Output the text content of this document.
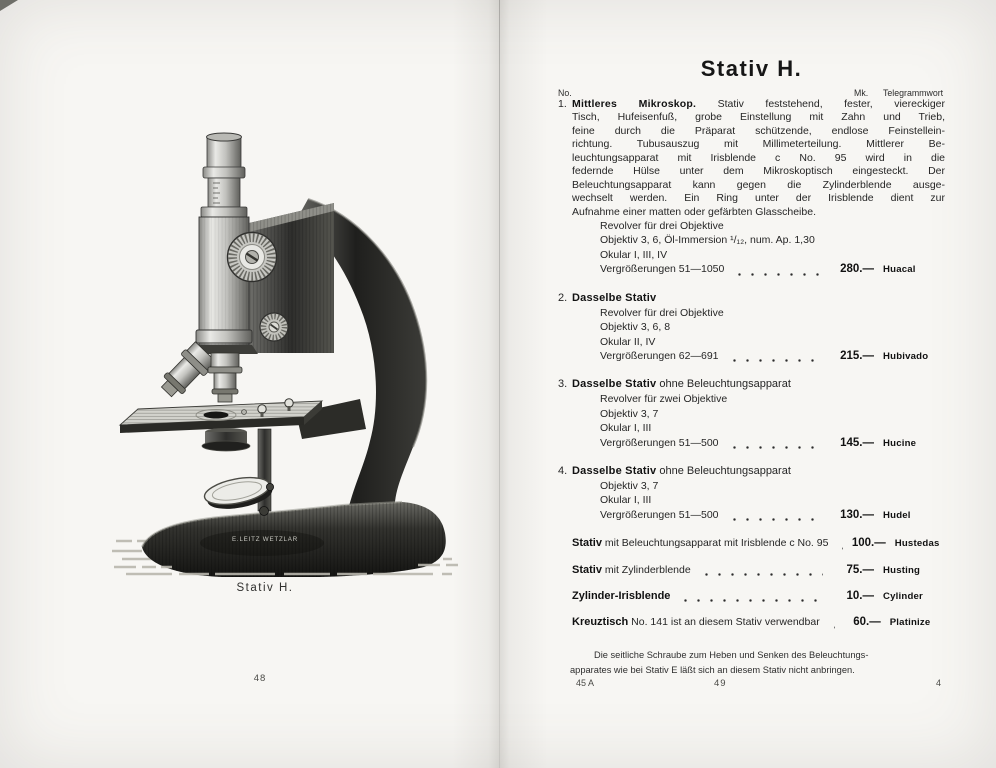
E.LEITZ WETZLAR
Stativ H.
48
Stativ H.
No.	Mk. Telegrammwort
1. Mittleres Mikroskop. Stativ feststehend, fester, viereckiger
Tisch, Hufeisenfuß, grobe Einstellung mit Zahn und Trieb,
feine durch die Präparat schützende, endlose Feinstellein-
richtung. Tubusauszug mit Millimeterteilung. Mittlerer Be-
leuchtungsapparat mit Irisblende c No. 95 wird in die
federnde Hülse unter dem Mikroskoptisch eingesteckt. Der
Beleuchtungsapparat kann gegen die Zylinderblende ausge-
wechselt werden. Ein Ring unter der Irisblende dient zur
Aufnahme einer matten oder gefärbten Glasscheibe.
Revolver für drei Objektive
Objektiv 3, 6, Öl-Immersion ¹/₁₂, num. Ap. 1,30
Okular I, III, IV
Vergrößerungen 51—1050	280.— Huacal
2. Dasselbe Stativ
Revolver für drei Objektive
Objektiv 3, 6, 8
Okular II, IV
Vergrößerungen 62—691	215.— Hubivado
3. Dasselbe Stativ ohne Beleuchtungsapparat
Revolver für zwei Objektive
Objektiv 3, 7
Okular I, III
Vergrößerungen 51—500	145.— Hucine
4. Dasselbe Stativ ohne Beleuchtungsapparat
Objektiv 3, 7
Okular I, III
Vergrößerungen 51—500	130.— Hudel
Stativ mit Beleuchtungsapparat mit Irisblende c No. 95 100.— Hustedas
Stativ mit Zylinderblende	75.— Husting
Zylinder-Irisblende	10.— Cylinder
Kreuztisch No. 141 ist an diesem Stativ verwendbar	60.— Platinize
Die seitliche Schraube zum Heben und Senken des Beleuchtungs-
apparates wie bei Stativ E läßt sich an diesem Stativ nicht anbringen.
45 A	49	4
